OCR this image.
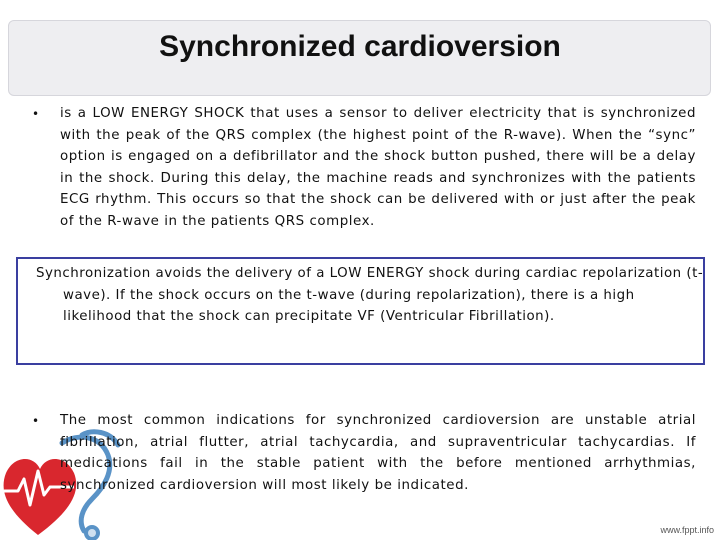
Synchronized cardioversion
• is a LOW ENERGY SHOCK that uses a sensor to deliver electricity that is synchronized with the peak of the QRS complex (the highest point of the R-wave). When the “sync” option is engaged on a defibrillator and the shock button pushed, there will be a delay in the shock. During this delay, the machine reads and synchronizes with the patients ECG rhythm. This occurs so that the shock can be delivered with or just after the peak of the R-wave in the patients QRS complex.

Synchronization avoids the delivery of a LOW ENERGY shock during cardiac repolarization (t-wave). If the shock occurs on the t-wave (during repolarization), there is a high likelihood that the shock can precipitate VF (Ventricular Fibrillation).

• The most common indications for synchronized cardioversion are unstable atrial fibrillation, atrial flutter, atrial tachycardia, and supraventricular tachycardias. If medications fail in the stable patient with the before mentioned arrhythmias, synchronized cardioversion will most likely be indicated.

www.fppt.info
